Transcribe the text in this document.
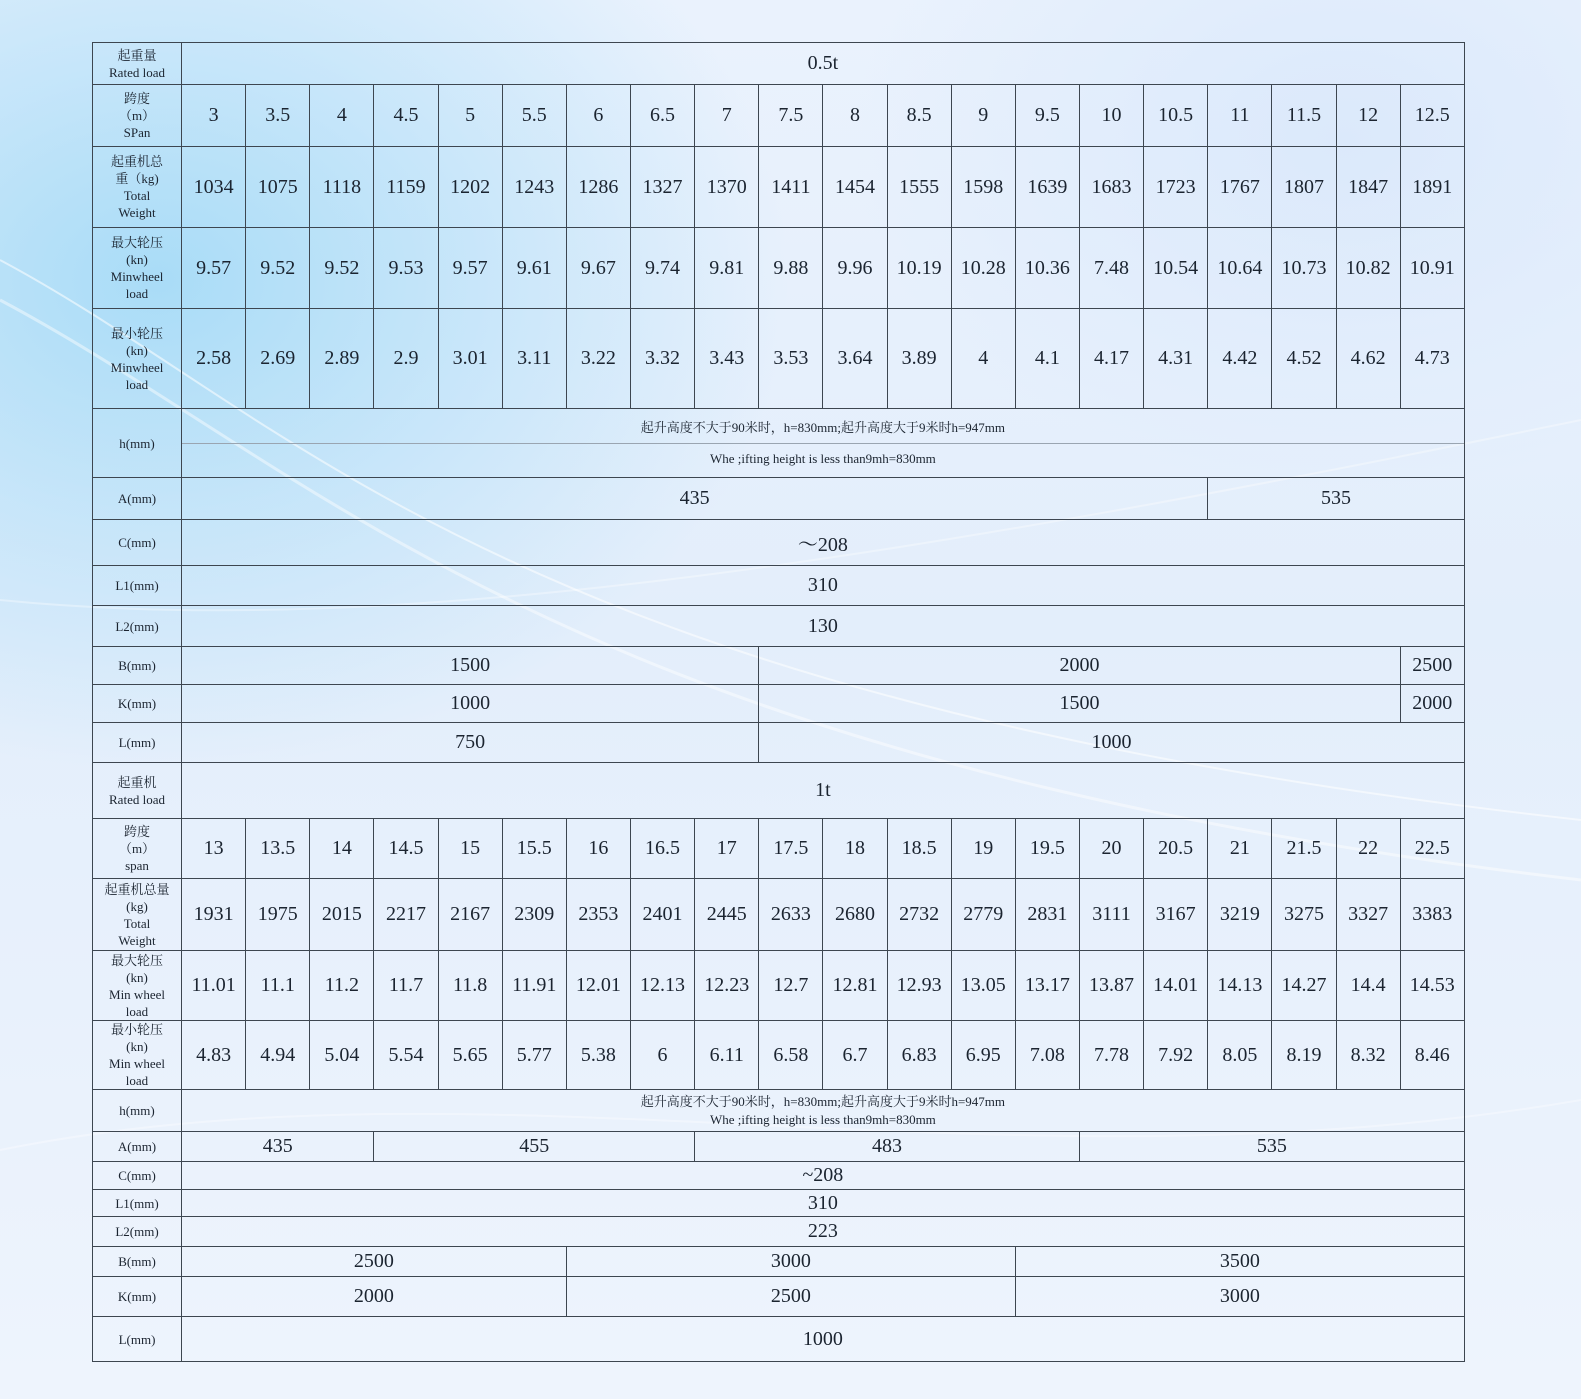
起重量
Rated load	0.5t																			
跨度
（m）
SPan	3	3.5	4	4.5	5	5.5	6	6.5	7	7.5	8	8.5	9	9.5	10	10.5	11	11.5	12	12.5
起重机总
重（kg)
Total
Weight	1034	1075	1118	1159	1202	1243	1286	1327	1370	1411	1454	1555	1598	1639	1683	1723	1767	1807	1847	1891
最大轮压
(kn)
Minwheel
load	9.57	9.52	9.52	9.53	9.57	9.61	9.67	9.74	9.81	9.88	9.96	10.19	10.28	10.36	7.48	10.54	10.64	10.73	10.82	10.91
最小轮压
(kn)
Minwheel
load	2.58	2.69	2.89	2.9	3.01	3.11	3.22	3.32	3.43	3.53	3.64	3.89	4	4.1	4.17	4.31	4.42	4.52	4.62	4.73
h(mm)	起升高度不大于90米时，h=830mm;起升高度大于9米时h=947mm
Whe ;ifting height is less than9mh=830mm																			

A(mm)	435																535			
C(mm)	～208																			
L1(mm)	310																			
L2(mm)	130																			
B(mm)	1500									2000										2500
K(mm)	1000									1500										2000
L(mm)	750									1000										
起重机
Rated load	1t																			
跨度
（m）
span	13	13.5	14	14.5	15	15.5	16	16.5	17	17.5	18	18.5	19	19.5	20	20.5	21	21.5	22	22.5
起重机总量
(kg)
Total
Weight	1931	1975	2015	2217	2167	2309	2353	2401	2445	2633	2680	2732	2779	2831	3111	3167	3219	3275	3327	3383
最大轮压
(kn)
Min wheel
load	11.01	11.1	11.2	11.7	11.8	11.91	12.01	12.13	12.23	12.7	12.81	12.93	13.05	13.17	13.87	14.01	14.13	14.27	14.4	14.53
最小轮压
(kn)
Min wheel
load	4.83	4.94	5.04	5.54	5.65	5.77	5.38	6	6.11	6.58	6.7	6.83	6.95	7.08	7.78	7.92	8.05	8.19	8.32	8.46
h(mm)	起升高度不大于90米时，h=830mm;起升高度大于9米时h=947mm
Whe ;ifting height is less than9mh=830mm																			

A(mm)	435			455					483						535					
C(mm)	~208																			
L1(mm)	310																			
L2(mm)	223																			
B(mm)	2500						3000							3500						
K(mm)	2000						2500							3000						
L(mm)	1000																			
